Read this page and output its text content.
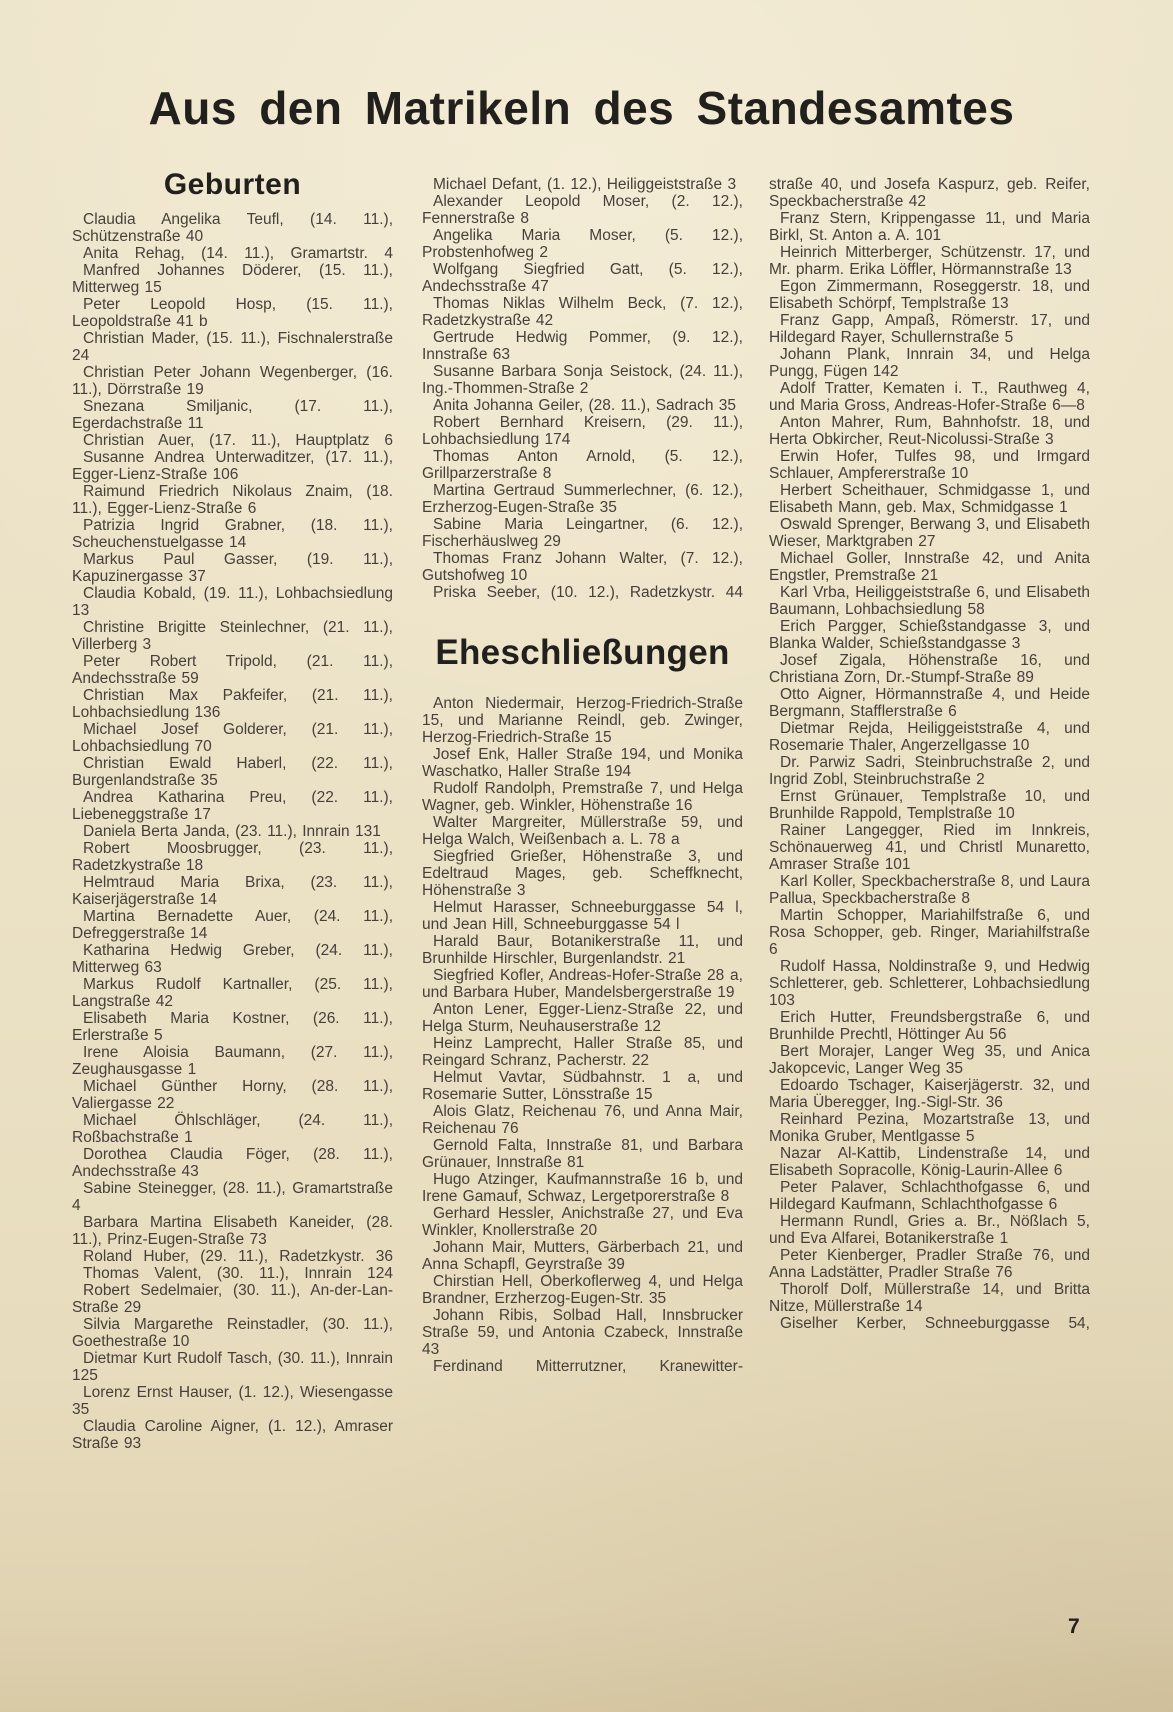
Aus den Matrikeln des Standesamtes
Geburten

Claudia Angelika Teufl, (14. 11.), Schützenstraße 40

Anita Rehag, (14. 11.), Gramartstr. 4

Manfred Johannes Döderer, (15. 11.), Mitterweg 15

Peter Leopold Hosp, (15. 11.), Leopoldstraße 41 b

Christian Mader, (15. 11.), Fischnalerstraße 24

Christian Peter Johann Wegenberger, (16. 11.), Dörrstraße 19

Snezana Smiljanic, (17. 11.), Egerdachstraße 11

Christian Auer, (17. 11.), Hauptplatz 6

Susanne Andrea Unterwaditzer, (17. 11.), Egger-Lienz-Straße 106

Raimund Friedrich Nikolaus Znaim, (18. 11.), Egger-Lienz-Straße 6

Patrizia Ingrid Grabner, (18. 11.), Scheuchenstuelgasse 14

Markus Paul Gasser, (19. 11.), Kapuzinergasse 37

Claudia Kobald, (19. 11.), Lohbachsiedlung 13

Christine Brigitte Steinlechner, (21. 11.), Villerberg 3

Peter Robert Tripold, (21. 11.), Andechsstraße 59

Christian Max Pakfeifer, (21. 11.), Lohbachsiedlung 136

Michael Josef Golderer, (21. 11.), Lohbachsiedlung 70

Christian Ewald Haberl, (22. 11.), Burgenlandstraße 35

Andrea Katharina Preu, (22. 11.), Liebeneggstraße 17

Daniela Berta Janda, (23. 11.), Innrain 131

Robert Moosbrugger, (23. 11.), Radetzkystraße 18

Helmtraud Maria Brixa, (23. 11.), Kaiserjägerstraße 14

Martina Bernadette Auer, (24. 11.), Defreggerstraße 14

Katharina Hedwig Greber, (24. 11.), Mitterweg 63

Markus Rudolf Kartnaller, (25. 11.), Langstraße 42

Elisabeth Maria Kostner, (26. 11.), Erlerstraße 5

Irene Aloisia Baumann, (27. 11.), Zeughausgasse 1

Michael Günther Horny, (28. 11.), Valiergasse 22

Michael Öhlschläger, (24. 11.), Roßbachstraße 1

Dorothea Claudia Föger, (28. 11.), Andechsstraße 43

Sabine Steinegger, (28. 11.), Gramartstraße 4

Barbara Martina Elisabeth Kaneider, (28. 11.), Prinz-Eugen-Straße 73

Roland Huber, (29. 11.), Radetzkystr. 36

Thomas Valent, (30. 11.), Innrain 124

Robert Sedelmaier, (30. 11.), An-der-Lan-Straße 29

Silvia Margarethe Reinstadler, (30. 11.), Goethestraße 10

Dietmar Kurt Rudolf Tasch, (30. 11.), Innrain 125

Lorenz Ernst Hauser, (1. 12.), Wiesengasse 35

Claudia Caroline Aigner, (1. 12.), Amraser Straße 93

Michael Defant, (1. 12.), Heiliggeiststraße 3

Alexander Leopold Moser, (2. 12.), Fennerstraße 8

Angelika Maria Moser, (5. 12.), Probstenhofweg 2

Wolfgang Siegfried Gatt, (5. 12.), Andechsstraße 47

Thomas Niklas Wilhelm Beck, (7. 12.), Radetzkystraße 42

Gertrude Hedwig Pommer, (9. 12.), Innstraße 63

Susanne Barbara Sonja Seistock, (24. 11.), Ing.-Thommen-Straße 2

Anita Johanna Geiler, (28. 11.), Sadrach 35

Robert Bernhard Kreisern, (29. 11.), Lohbachsiedlung 174

Thomas Anton Arnold, (5. 12.), Grillparzerstraße 8

Martina Gertraud Summerlechner, (6. 12.), Erzherzog-Eugen-Straße 35

Sabine Maria Leingartner, (6. 12.), Fischerhäuslweg 29

Thomas Franz Johann Walter, (7. 12.), Gutshofweg 10

Priska Seeber, (10. 12.), Radetzkystr. 44

Eheschließungen

Anton Niedermair, Herzog-Friedrich-Straße 15, und Marianne Reindl, geb. Zwinger, Herzog-Friedrich-Straße 15

Josef Enk, Haller Straße 194, und Monika Waschatko, Haller Straße 194

Rudolf Randolph, Premstraße 7, und Helga Wagner, geb. Winkler, Höhenstraße 16

Walter Margreiter, Müllerstraße 59, und Helga Walch, Weißenbach a. L. 78 a

Siegfried Grießer, Höhenstraße 3, und Edeltraud Mages, geb. Scheffknecht, Höhenstraße 3

Helmut Harasser, Schneeburggasse 54 l, und Jean Hill, Schneeburggasse 54 l

Harald Baur, Botanikerstraße 11, und Brunhilde Hirschler, Burgenlandstr. 21

Siegfried Kofler, Andreas-Hofer-Straße 28 a, und Barbara Huber, Mandelsbergerstraße 19

Anton Lener, Egger-Lienz-Straße 22, und Helga Sturm, Neuhauserstraße 12

Heinz Lamprecht, Haller Straße 85, und Reingard Schranz, Pacherstr. 22

Helmut Vavtar, Südbahnstr. 1 a, und Rosemarie Sutter, Lönsstraße 15

Alois Glatz, Reichenau 76, und Anna Mair, Reichenau 76

Gernold Falta, Innstraße 81, und Barbara Grünauer, Innstraße 81

Hugo Atzinger, Kaufmannstraße 16 b, und Irene Gamauf, Schwaz, Lergetporerstraße 8

Gerhard Hessler, Anichstraße 27, und Eva Winkler, Knollerstraße 20

Johann Mair, Mutters, Gärberbach 21, und Anna Schapfl, Geyrstraße 39

Chirstian Hell, Oberkoflerweg 4, und Helga Brandner, Erzherzog-Eugen-Str. 35

Johann Ribis, Solbad Hall, Innsbrucker Straße 59, und Antonia Czabeck, Innstraße 43

Ferdinand Mitterrutzner, Kranewitter-

straße 40, und Josefa Kaspurz, geb. Reifer, Speckbacherstraße 42

Franz Stern, Krippengasse 11, und Maria Birkl, St. Anton a. A. 101

Heinrich Mitterberger, Schützenstr. 17, und Mr. pharm. Erika Löffler, Hörmannstraße 13

Egon Zimmermann, Roseggerstr. 18, und Elisabeth Schörpf, Templstraße 13

Franz Gapp, Ampaß, Römerstr. 17, und Hildegard Rayer, Schullernstraße 5

Johann Plank, Innrain 34, und Helga Pungg, Fügen 142

Adolf Tratter, Kematen i. T., Rauthweg 4, und Maria Gross, Andreas-Hofer-Straße 6—8

Anton Mahrer, Rum, Bahnhofstr. 18, und Herta Obkircher, Reut-Nicolussi-Straße 3

Erwin Hofer, Tulfes 98, und Irmgard Schlauer, Ampfererstraße 10

Herbert Scheithauer, Schmidgasse 1, und Elisabeth Mann, geb. Max, Schmidgasse 1

Oswald Sprenger, Berwang 3, und Elisabeth Wieser, Marktgraben 27

Michael Goller, Innstraße 42, und Anita Engstler, Premstraße 21

Karl Vrba, Heiliggeiststraße 6, und Elisabeth Baumann, Lohbachsiedlung 58

Erich Pargger, Schießstandgasse 3, und Blanka Walder, Schießstandgasse 3

Josef Zigala, Höhenstraße 16, und Christiana Zorn, Dr.-Stumpf-Straße 89

Otto Aigner, Hörmannstraße 4, und Heide Bergmann, Stafflerstraße 6

Dietmar Rejda, Heiliggeiststraße 4, und Rosemarie Thaler, Angerzellgasse 10

Dr. Parwiz Sadri, Steinbruchstraße 2, und Ingrid Zobl, Steinbruchstraße 2

Ernst Grünauer, Templstraße 10, und Brunhilde Rappold, Templstraße 10

Rainer Langegger, Ried im Innkreis, Schönauerweg 41, und Christl Munaretto, Amraser Straße 101

Karl Koller, Speckbacherstraße 8, und Laura Pallua, Speckbacherstraße 8

Martin Schopper, Mariahilfstraße 6, und Rosa Schopper, geb. Ringer, Mariahilfstraße 6

Rudolf Hassa, Noldinstraße 9, und Hedwig Schletterer, geb. Schletterer, Lohbachsiedlung 103

Erich Hutter, Freundsbergstraße 6, und Brunhilde Prechtl, Höttinger Au 56

Bert Morajer, Langer Weg 35, und Anica Jakopcevic, Langer Weg 35

Edoardo Tschager, Kaiserjägerstr. 32, und Maria Überegger, Ing.-Sigl-Str. 36

Reinhard Pezina, Mozartstraße 13, und Monika Gruber, Mentlgasse 5

Nazar Al-Kattib, Lindenstraße 14, und Elisabeth Sopracolle, König-Laurin-Allee 6

Peter Palaver, Schlachthofgasse 6, und Hildegard Kaufmann, Schlachthofgasse 6

Hermann Rundl, Gries a. Br., Nößlach 5, und Eva Alfarei, Botanikerstraße 1

Peter Kienberger, Pradler Straße 76, und Anna Ladstätter, Pradler Straße 76

Thorolf Dolf, Müllerstraße 14, und Britta Nitze, Müllerstraße 14

Giselher Kerber, Schneeburggasse 54,

7
